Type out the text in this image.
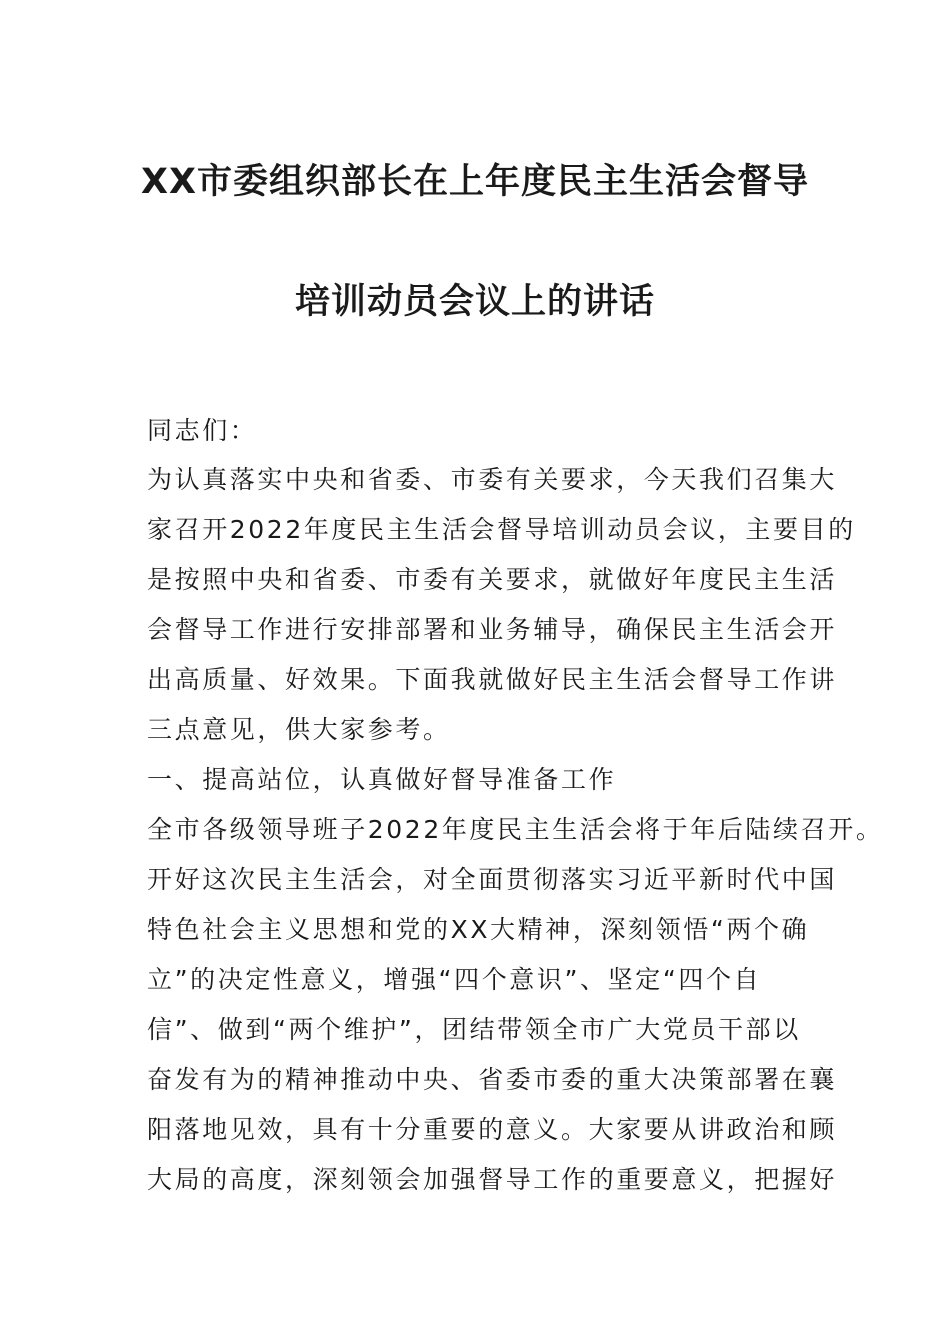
XX市委组织部长在上年度民主生活会督导
培训动员会议上的讲话
同志们：
为认真落实中央和省委、市委有关要求，今天我们召集大
家召开2022年度民主生活会督导培训动员会议，主要目的
是按照中央和省委、市委有关要求，就做好年度民主生活
会督导工作进行安排部署和业务辅导，确保民主生活会开
出高质量、好效果。下面我就做好民主生活会督导工作讲
三点意见，供大家参考。
一、提高站位，认真做好督导准备工作
全市各级领导班子2022年度民主生活会将于年后陆续召开。
开好这次民主生活会，对全面贯彻落实习近平新时代中国
特色社会主义思想和党的XX大精神，深刻领悟“两个确
立”的决定性意义，增强“四个意识”、坚定“四个自
信”、做到“两个维护”，团结带领全市广大党员干部以
奋发有为的精神推动中央、省委市委的重大决策部署在襄
阳落地见效，具有十分重要的意义。大家要从讲政治和顾
大局的高度，深刻领会加强督导工作的重要意义，把握好
